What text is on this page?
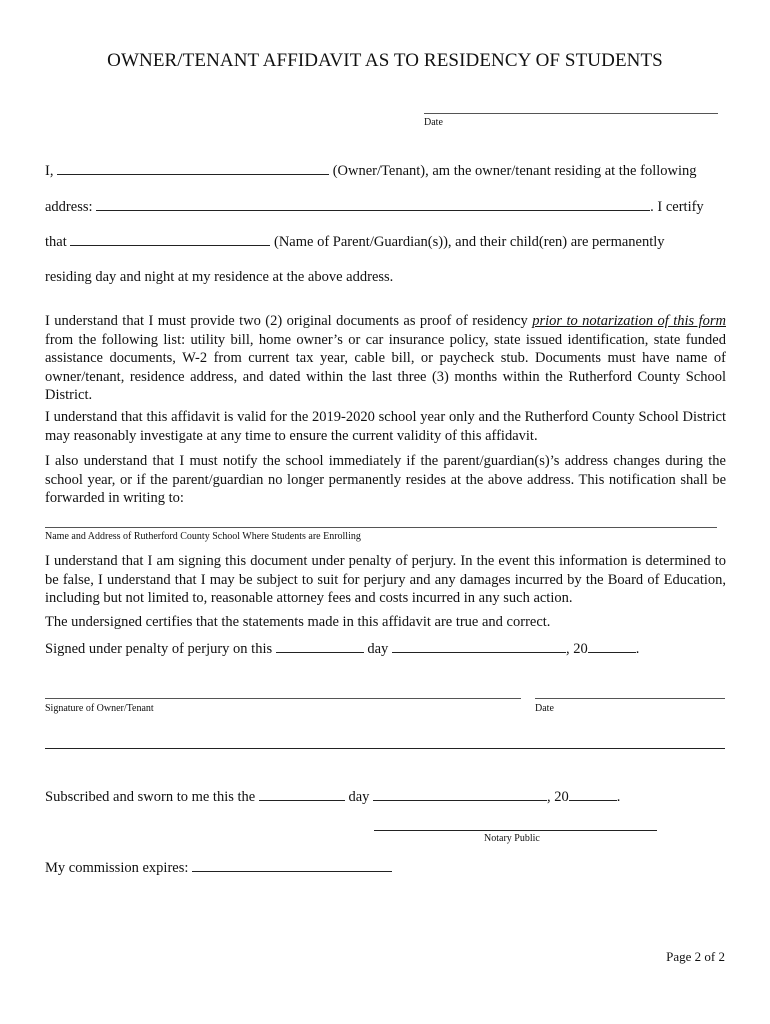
OWNER/TENANT AFFIDAVIT AS TO RESIDENCY OF STUDENTS
Date
I,	(Owner/Tenant), am the owner/tenant residing at the following
address:	. I certify
that	(Name of Parent/Guardian(s)), and their child(ren) are permanently
residing day and night at my residence at the above address.
I understand that I must provide two (2) original documents as proof of residency prior to notarization of this form from the following list: utility bill, home owner’s or car insurance policy, state issued identification, state funded assistance documents, W-2 from current tax year, cable bill, or paycheck stub. Documents must have name of owner/tenant, residence address, and dated within the last three (3) months within the Rutherford County School District.
I understand that this affidavit is valid for the 2019-2020 school year only and the Rutherford County School District may reasonably investigate at any time to ensure the current validity of this affidavit.
I also understand that I must notify the school immediately if the parent/guardian(s)’s address changes during the school year, or if the parent/guardian no longer permanently resides at the above address. This notification shall be forwarded in writing to:
Name and Address of Rutherford County School Where Students are Enrolling
I understand that I am signing this document under penalty of perjury. In the event this information is determined to be false, I understand that I may be subject to suit for perjury and any damages incurred by the Board of Education, including but not limited to, reasonable attorney fees and costs incurred in any such action.
The undersigned certifies that the statements made in this affidavit are true and correct.
Signed under penalty of perjury on this	day	, 20	.
Signature of Owner/Tenant	Date
Subscribed and sworn to me this the	day	, 20	.
Notary Public
My commission expires:
Page 2 of 2
